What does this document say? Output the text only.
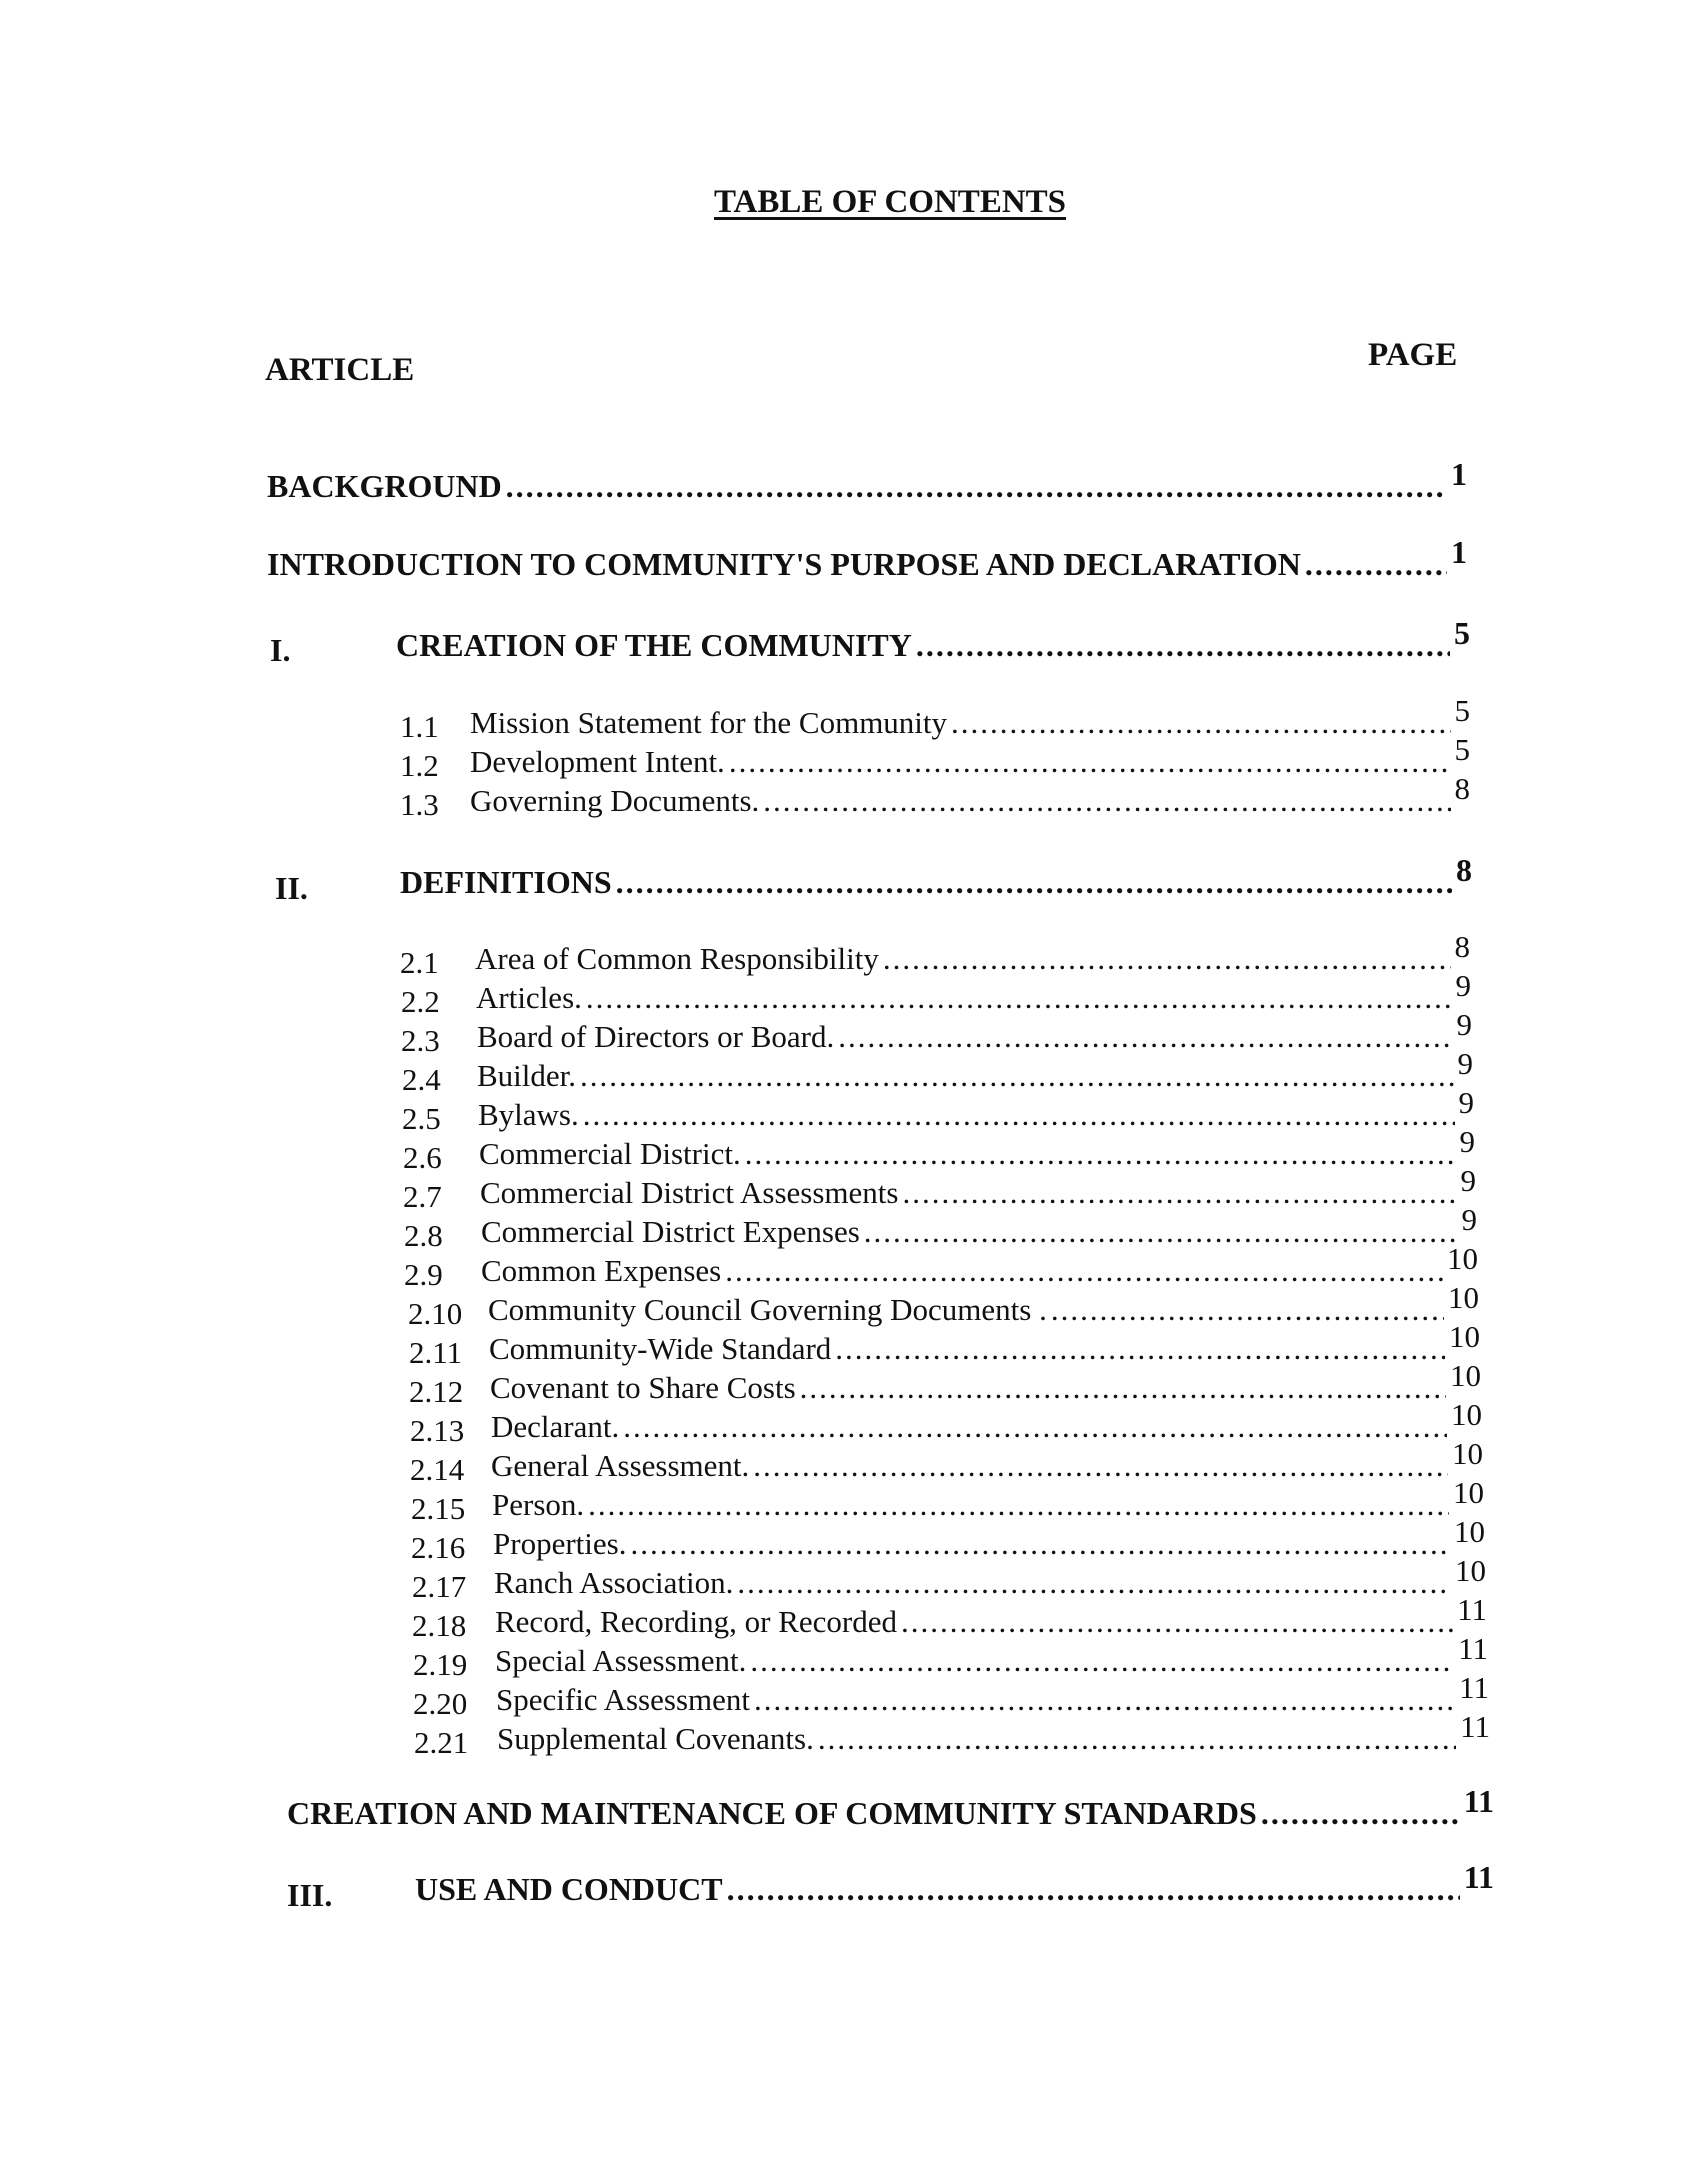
TABLE OF CONTENTS
ARTICLE	PAGE
BACKGROUND .....	1
INTRODUCTION TO COMMUNITY'S PURPOSE AND DECLARATION .....	1
I.	CREATION OF THE COMMUNITY .....	5
1.1 Mission Statement for the Community .....	5
1.2 Development Intent. .....	5
1.3 Governing Documents. .....	8
II.	DEFINITIONS .....	8
2.1 Area of Common Responsibility .....	8
2.2 Articles. .....	9
2.3 Board of Directors or Board. .....	9
2.4 Builder. .....	9
2.5 Bylaws. .....	9
2.6 Commercial District. .....	9
2.7 Commercial District Assessments .....	9
2.8 Commercial District Expenses .....	9
2.9 Common Expenses .....	10
2.10 Community Council Governing Documents . .....	10
2.11 Community-Wide Standard .....	10
2.12 Covenant to Share Costs .....	10
2.13 Declarant. .....	10
2.14 General Assessment. .....	10
2.15 Person. .....	10
2.16 Properties. .....	10
2.17 Ranch Association. .....	10
2.18 Record, Recording, or Recorded .....	11
2.19 Special Assessment. .....	11
2.20 Specific Assessment .....	11
2.21 Supplemental Covenants. .....	11
CREATION AND MAINTENANCE OF COMMUNITY STANDARDS .....	11
III.	USE AND CONDUCT .....	11
